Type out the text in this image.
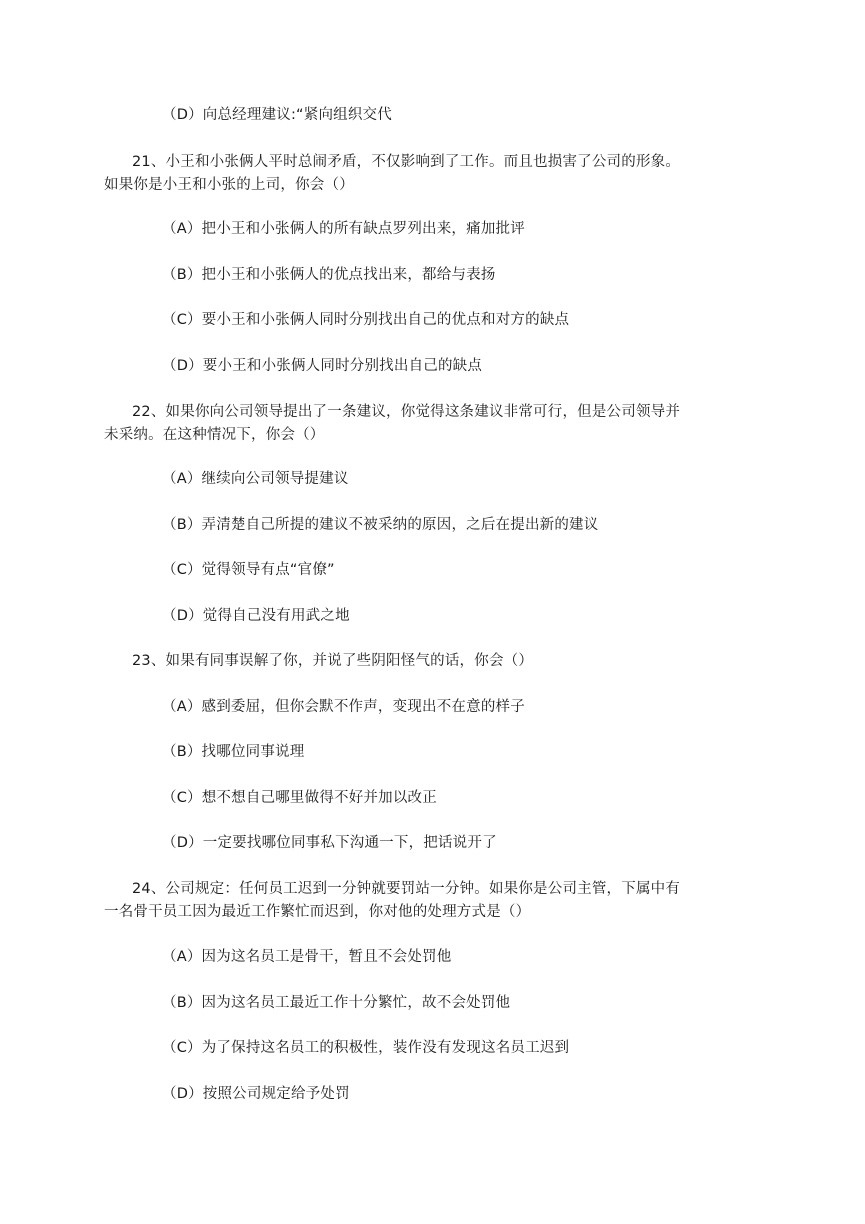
（D）向总经理建议:“紧向组织交代

21、小王和小张俩人平时总闹矛盾，不仅影响到了工作。而且也损害了公司的形象。

如果你是小王和小张的上司，你会（）

（A）把小王和小张俩人的所有缺点罗列出来，痛加批评

（B）把小王和小张俩人的优点找出来，都给与表扬

（C）要小王和小张俩人同时分别找出自己的优点和对方的缺点

（D）要小王和小张俩人同时分别找出自己的缺点

22、如果你向公司领导提出了一条建议，你觉得这条建议非常可行，但是公司领导并

未采纳。在这种情况下，你会（）

（A）继续向公司领导提建议

（B）弄清楚自己所提的建议不被采纳的原因，之后在提出新的建议

（C）觉得领导有点“官僚”

（D）觉得自己没有用武之地

23、如果有同事误解了你，并说了些阴阳怪气的话，你会（）

（A）感到委屈，但你会默不作声，变现出不在意的样子

（B）找哪位同事说理

（C）想不想自己哪里做得不好并加以改正

（D）一定要找哪位同事私下沟通一下，把话说开了

24、公司规定：任何员工迟到一分钟就要罚站一分钟。如果你是公司主管，下属中有

一名骨干员工因为最近工作繁忙而迟到，你对他的处理方式是（）

（A）因为这名员工是骨干，暂且不会处罚他

（B）因为这名员工最近工作十分繁忙，故不会处罚他

（C）为了保持这名员工的积极性，装作没有发现这名员工迟到

（D）按照公司规定给予处罚
